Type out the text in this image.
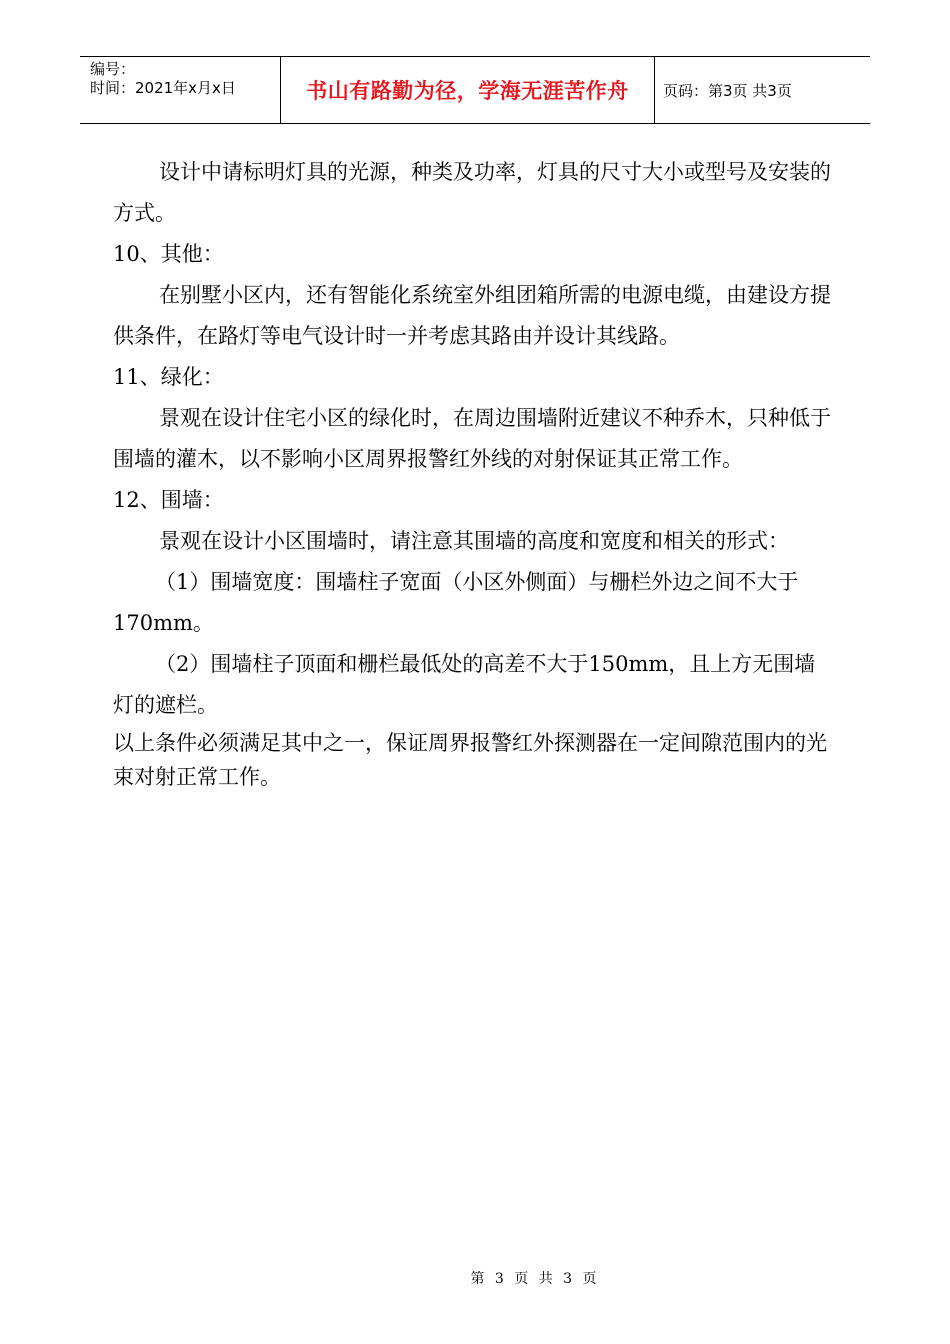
编号：
时间：2021年x月x日	书山有路勤为径，学海无涯苦作舟	页码：第3页 共3页

设计中请标明灯具的光源，种类及功率，灯具的尺寸大小或型号及安装的方式。

10、其他：

在别墅小区内，还有智能化系统室外组团箱所需的电源电缆，由建设方提供条件，在路灯等电气设计时一并考虑其路由并设计其线路。

11、绿化：

景观在设计住宅小区的绿化时，在周边围墙附近建议不种乔木，只种低于围墙的灌木，以不影响小区周界报警红外线的对射保证其正常工作。

12、围墙：

景观在设计小区围墙时，请注意其围墙的高度和宽度和相关的形式：

（1）围墙宽度：围墙柱子宽面（小区外侧面）与栅栏外边之间不大于170mm。

（2）围墙柱子顶面和栅栏最低处的高差不大于150mm，且上方无围墙灯的遮栏。

以上条件必须满足其中之一，保证周界报警红外探测器在一定间隙范围内的光束对射正常工作。

第 3 页 共 3 页
